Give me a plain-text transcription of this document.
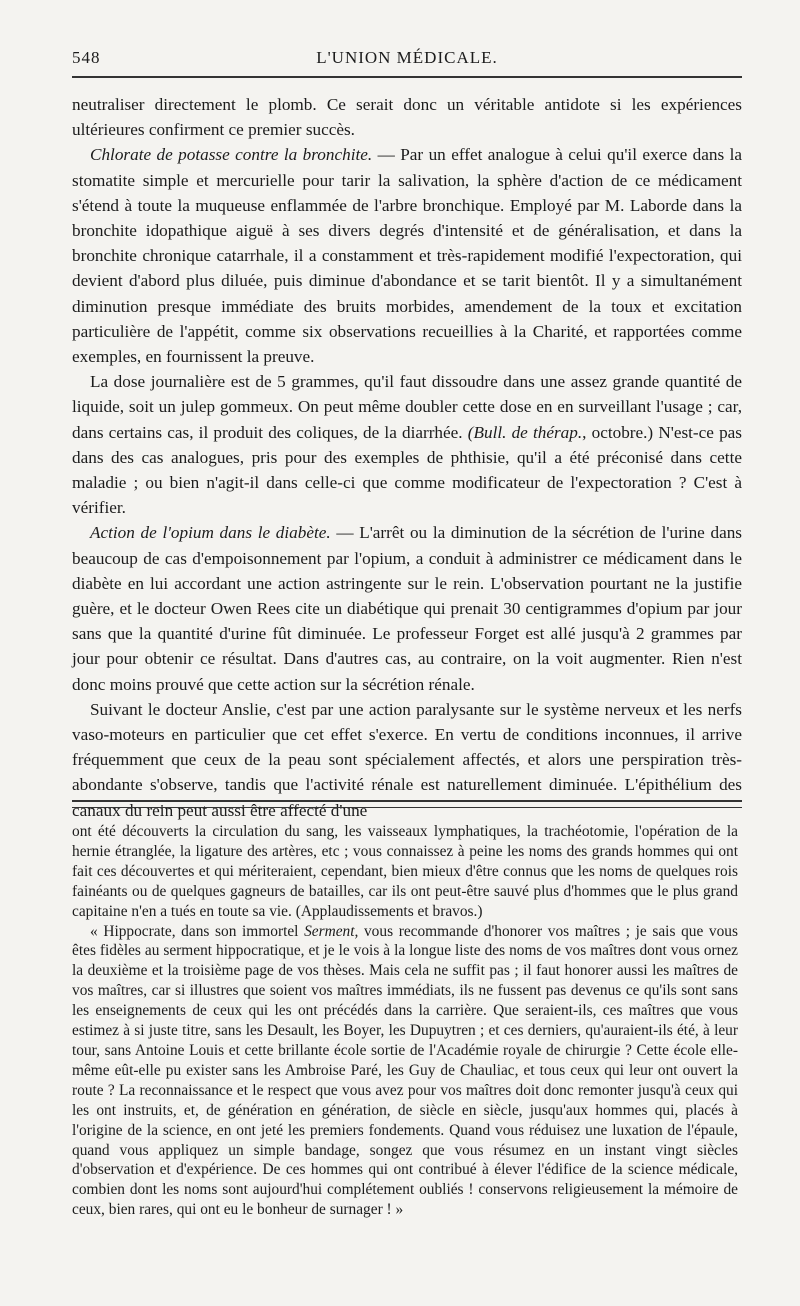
548	L'UNION MÉDICALE.

neutraliser directement le plomb. Ce serait donc un véritable antidote si les expériences ultérieures confirment ce premier succès.

Chlorate de potasse contre la bronchite. — Par un effet analogue à celui qu'il exerce dans la stomatite simple et mercurielle pour tarir la salivation, la sphère d'action de ce médicament s'étend à toute la muqueuse enflammée de l'arbre bronchique. Employé par M. Laborde dans la bronchite idopathique aiguë à ses divers degrés d'intensité et de généralisation, et dans la bronchite chronique catarrhale, il a constamment et très-rapidement modifié l'expectoration, qui devient d'abord plus diluée, puis diminue d'abondance et se tarit bientôt. Il y a simultanément diminution presque immédiate des bruits morbides, amendement de la toux et excitation particulière de l'appétit, comme six observations recueillies à la Charité, et rapportées comme exemples, en fournissent la preuve.

La dose journalière est de 5 grammes, qu'il faut dissoudre dans une assez grande quantité de liquide, soit un julep gommeux. On peut même doubler cette dose en en surveillant l'usage ; car, dans certains cas, il produit des coliques, de la diarrhée. (Bull. de thérap., octobre.) N'est-ce pas dans des cas analogues, pris pour des exemples de phthisie, qu'il a été préconisé dans cette maladie ; ou bien n'agit-il dans celle-ci que comme modificateur de l'expectoration ? C'est à vérifier.

Action de l'opium dans le diabète. — L'arrêt ou la diminution de la sécrétion de l'urine dans beaucoup de cas d'empoisonnement par l'opium, a conduit à administrer ce médicament dans le diabète en lui accordant une action astringente sur le rein. L'observation pourtant ne la justifie guère, et le docteur Owen Rees cite un diabétique qui prenait 30 centigrammes d'opium par jour sans que la quantité d'urine fût diminuée. Le professeur Forget est allé jusqu'à 2 grammes par jour pour obtenir ce résultat. Dans d'autres cas, au contraire, on la voit augmenter. Rien n'est donc moins prouvé que cette action sur la sécrétion rénale.

Suivant le docteur Anslie, c'est par une action paralysante sur le système nerveux et les nerfs vaso-moteurs en particulier que cet effet s'exerce. En vertu de conditions inconnues, il arrive fréquemment que ceux de la peau sont spécialement affectés, et alors une perspiration très-abondante s'observe, tandis que l'activité rénale est naturellement diminuée. L'épithélium des canaux du rein peut aussi être affecté d'une

ont été découverts la circulation du sang, les vaisseaux lymphatiques, la trachéotomie, l'opération de la hernie étranglée, la ligature des artères, etc ; vous connaissez à peine les noms des grands hommes qui ont fait ces découvertes et qui mériteraient, cependant, bien mieux d'être connus que les noms de quelques rois fainéants ou de quelques gagneurs de batailles, car ils ont peut-être sauvé plus d'hommes que le plus grand capitaine n'en a tués en toute sa vie. (Applaudissements et bravos.)

« Hippocrate, dans son immortel Serment, vous recommande d'honorer vos maîtres ; je sais que vous êtes fidèles au serment hippocratique, et je le vois à la longue liste des noms de vos maîtres dont vous ornez la deuxième et la troisième page de vos thèses. Mais cela ne suffit pas ; il faut honorer aussi les maîtres de vos maîtres, car si illustres que soient vos maîtres immédiats, ils ne fussent pas devenus ce qu'ils sont sans les enseignements de ceux qui les ont précédés dans la carrière. Que seraient-ils, ces maîtres que vous estimez à si juste titre, sans les Desault, les Boyer, les Dupuytren ; et ces derniers, qu'auraient-ils été, à leur tour, sans Antoine Louis et cette brillante école sortie de l'Académie royale de chirurgie ? Cette école elle-même eût-elle pu exister sans les Ambroise Paré, les Guy de Chauliac, et tous ceux qui leur ont ouvert la route ? La reconnaissance et le respect que vous avez pour vos maîtres doit donc remonter jusqu'à ceux qui les ont instruits, et, de génération en génération, de siècle en siècle, jusqu'aux hommes qui, placés à l'origine de la science, en ont jeté les premiers fondements. Quand vous réduisez une luxation de l'épaule, quand vous appliquez un simple bandage, songez que vous résumez en un instant vingt siècles d'observation et d'expérience. De ces hommes qui ont contribué à élever l'édifice de la science médicale, combien dont les noms sont aujourd'hui complétement oubliés ! conservons religieusement la mémoire de ceux, bien rares, qui ont eu le bonheur de surnager ! »
